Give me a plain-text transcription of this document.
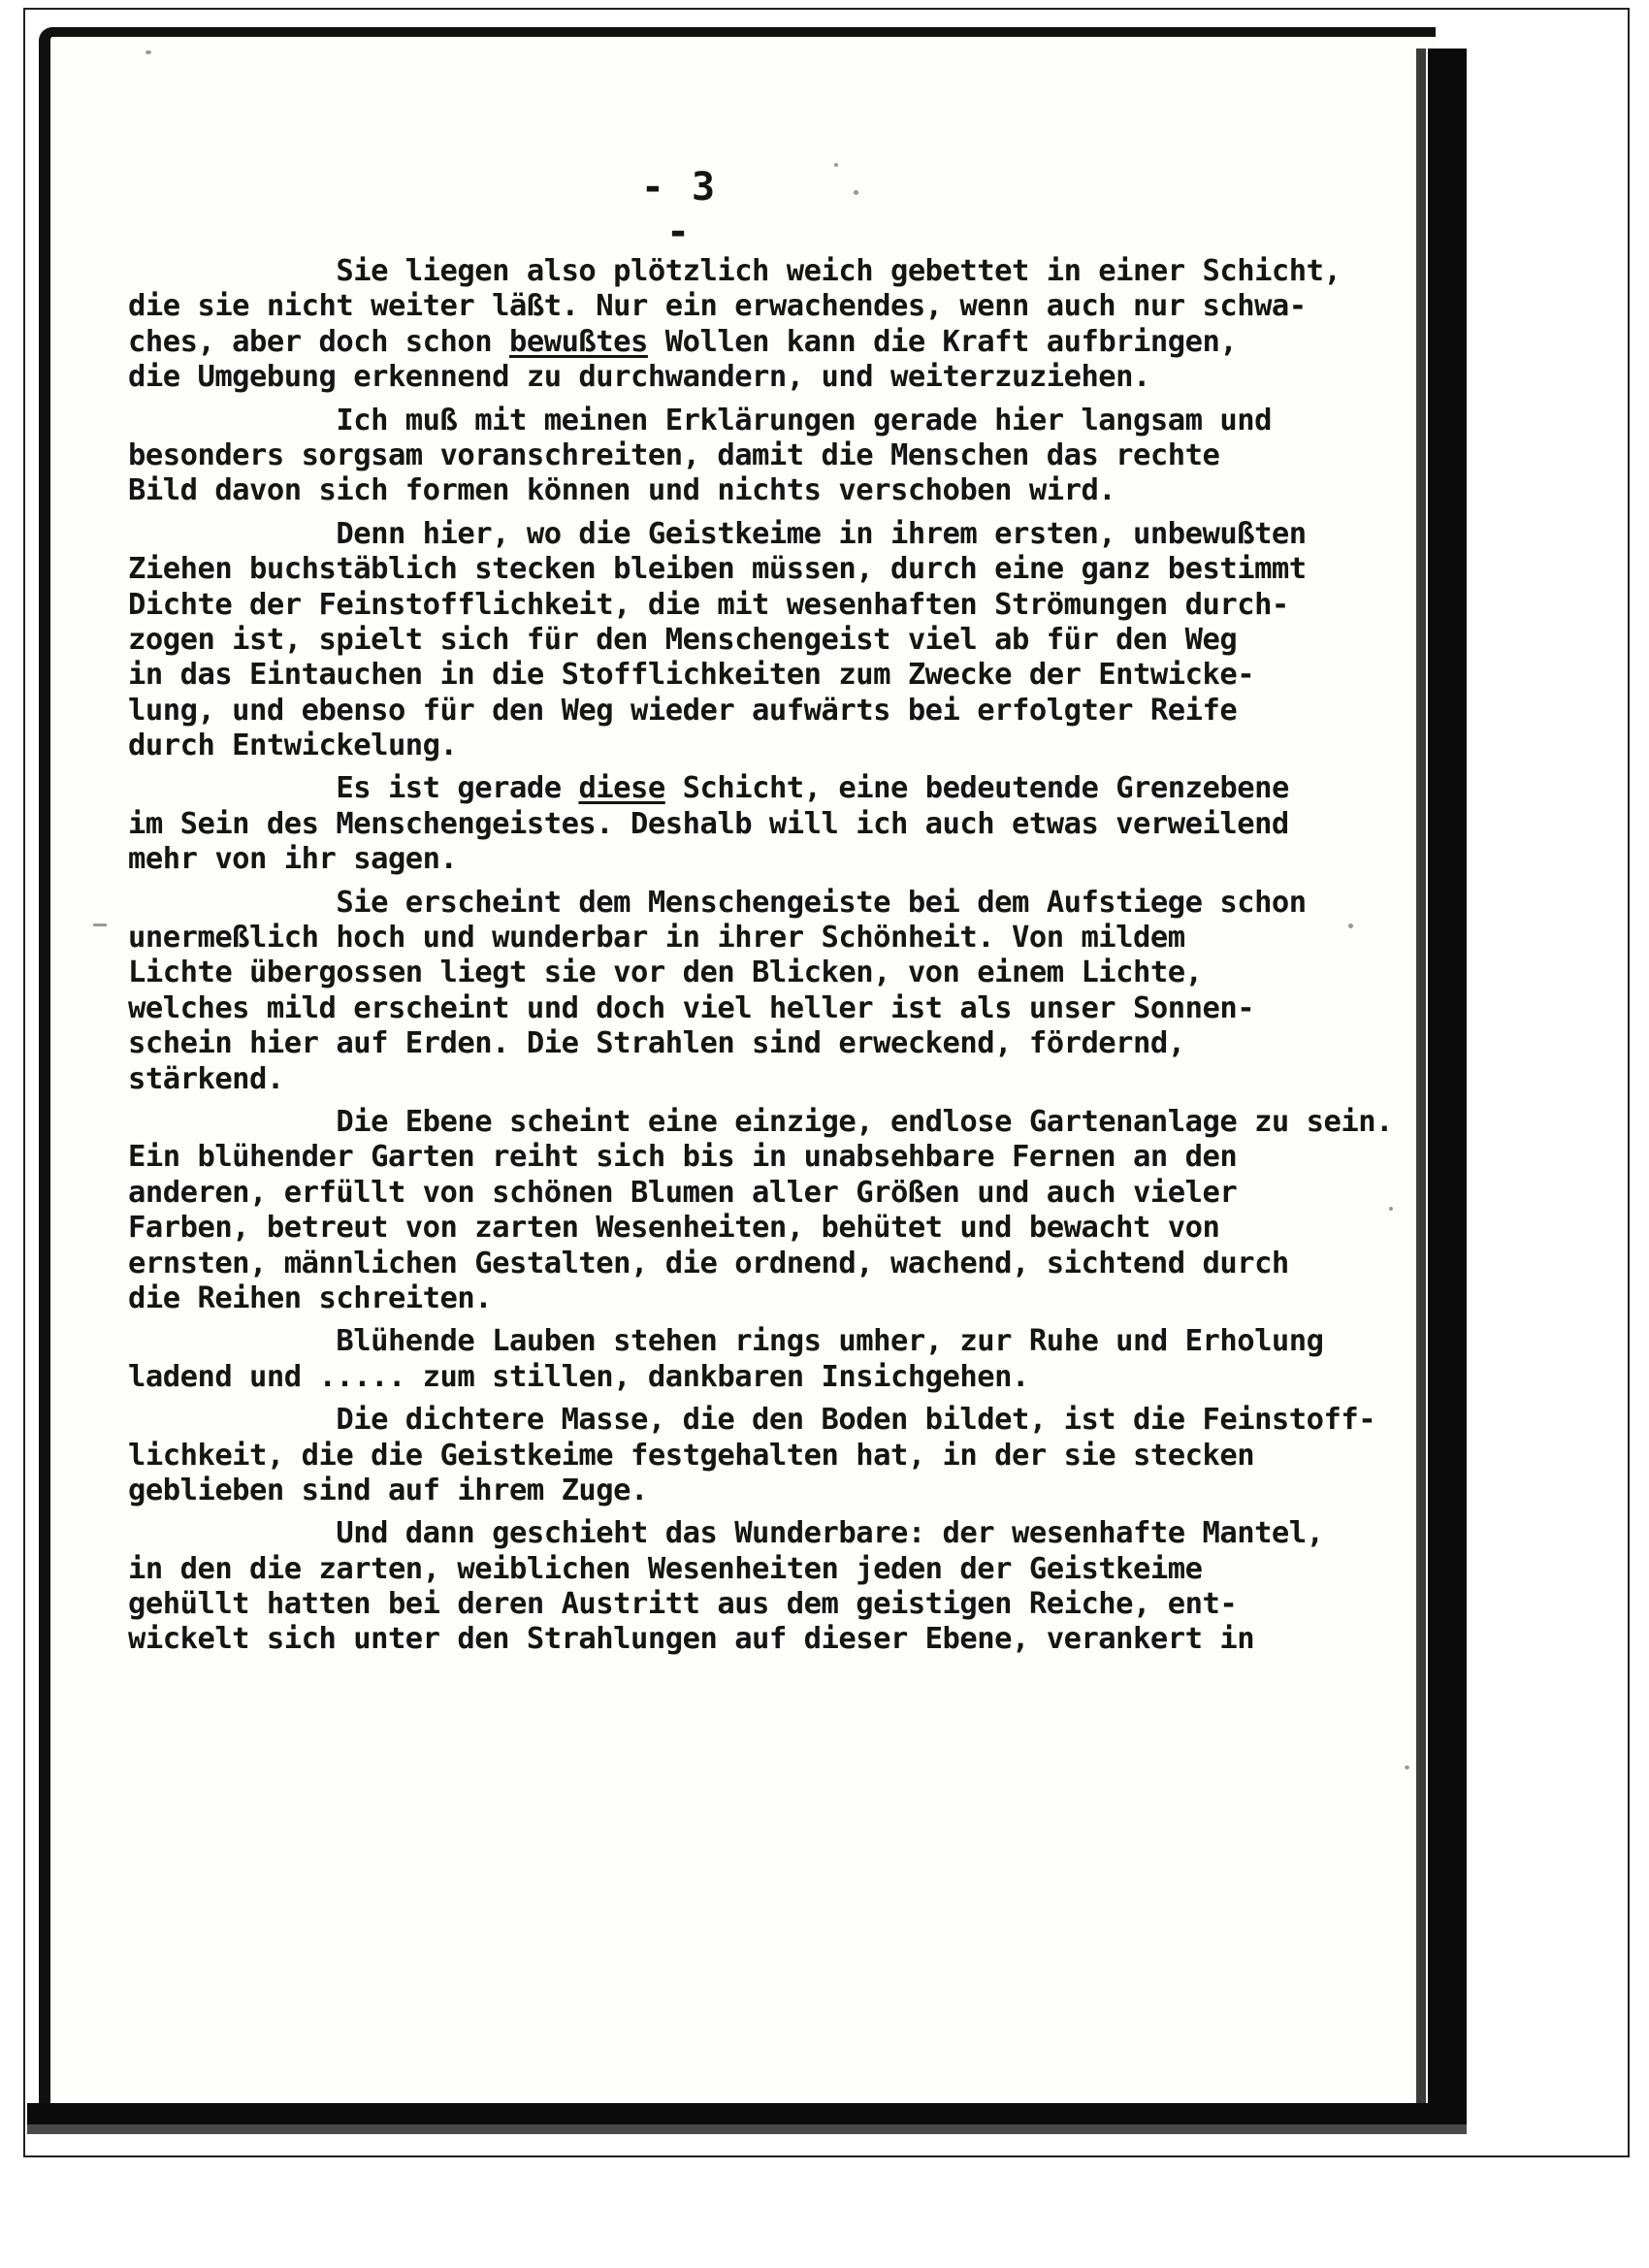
- 3 -
Sie liegen also plötzlich weich gebettet in einer Schicht,
die sie nicht weiter läßt. Nur ein erwachendes, wenn auch nur schwa-
ches, aber doch schon bewußtes Wollen kann die Kraft aufbringen,
die Umgebung erkennend zu durchwandern, und weiterzuziehen.
Ich muß mit meinen Erklärungen gerade hier langsam und
besonders sorgsam voranschreiten, damit die Menschen das rechte
Bild davon sich formen können und nichts verschoben wird.
Denn hier, wo die Geistkeime in ihrem ersten, unbewußten
Ziehen buchstäblich stecken bleiben müssen, durch eine ganz bestimmt
Dichte der Feinstofflichkeit, die mit wesenhaften Strömungen durch-
zogen ist, spielt sich für den Menschengeist viel ab für den Weg
in das Eintauchen in die Stofflichkeiten zum Zwecke der Entwicke-
lung, und ebenso für den Weg wieder aufwärts bei erfolgter Reife
durch Entwickelung.
Es ist gerade diese Schicht, eine bedeutende Grenzebene
im Sein des Menschengeistes. Deshalb will ich auch etwas verweilend
mehr von ihr sagen.
Sie erscheint dem Menschengeiste bei dem Aufstiege schon
unermeßlich hoch und wunderbar in ihrer Schönheit. Von mildem
Lichte übergossen liegt sie vor den Blicken, von einem Lichte,
welches mild erscheint und doch viel heller ist als unser Sonnen-
schein hier auf Erden. Die Strahlen sind erweckend, fördernd,
stärkend.
Die Ebene scheint eine einzige, endlose Gartenanlage zu sein.
Ein blühender Garten reiht sich bis in unabsehbare Fernen an den
anderen, erfüllt von schönen Blumen aller Größen und auch vieler
Farben, betreut von zarten Wesenheiten, behütet und bewacht von
ernsten, männlichen Gestalten, die ordnend, wachend, sichtend durch
die Reihen schreiten.
Blühende Lauben stehen rings umher, zur Ruhe und Erholung
ladend und ..... zum stillen, dankbaren Insichgehen.
Die dichtere Masse, die den Boden bildet, ist die Feinstoff-
lichkeit, die die Geistkeime festgehalten hat, in der sie stecken
geblieben sind auf ihrem Zuge.
Und dann geschieht das Wunderbare: der wesenhafte Mantel,
in den die zarten, weiblichen Wesenheiten jeden der Geistkeime
gehüllt hatten bei deren Austritt aus dem geistigen Reiche, ent-
wickelt sich unter den Strahlungen auf dieser Ebene, verankert in
